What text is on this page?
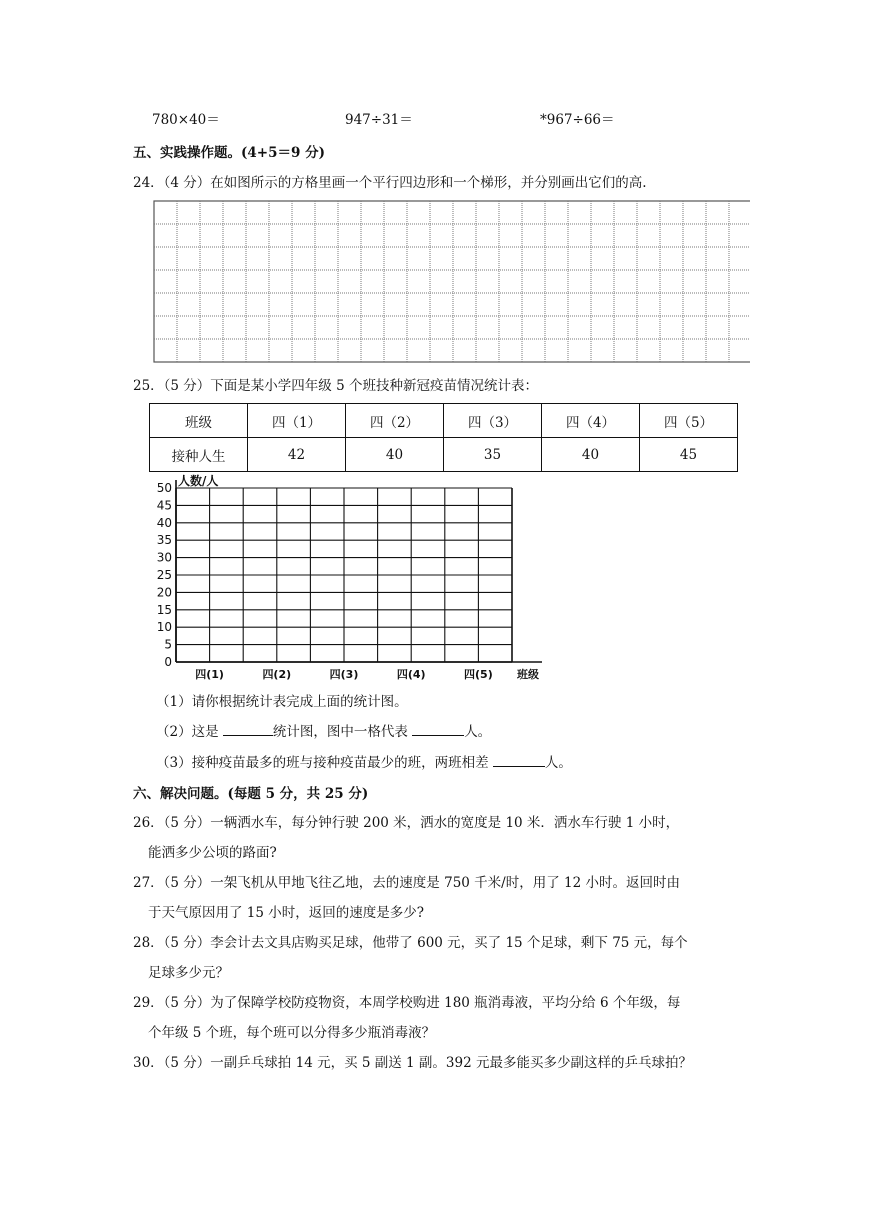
780×40＝	947÷31＝	*967÷66＝
五、实践操作题。(4+5＝9 分)
24．（4 分）在如图所示的方格里画一个平行四边形和一个梯形，并分别画出它们的高.
25．（5 分）下面是某小学四年级 5 个班技种新冠疫苗情况统计表：
班级	四（1）	四（2）	四（3）	四（4）	四（5）
接种人生	42	40	35	40	45
0
5
10
15
20
25
30
35
40
45
50 人数/人
四(1)	四(2)	四(3)	四(4)	四(5) 班级
（1）请你根据统计表完成上面的统计图。
（2）这是	统计图，图中一格代表	人。
（3）接种疫苗最多的班与接种疫苗最少的班，两班相差	人。
六、解决问题。(每题 5 分，共 25 分)
26．（5 分）一辆洒水车，每分钟行驶 200 米，洒水的宽度是 10 米．洒水车行驶 1 小时，
能洒多少公顷的路面?
27．（5 分）一架飞机从甲地飞往乙地，去的速度是 750 千米/时，用了 12 小时。返回时由
于天气原因用了 15 小时，返回的速度是多少?
28．（5 分）李会计去文具店购买足球，他带了 600 元，买了 15 个足球，剩下 75 元，每个
足球多少元？
29．（5 分）为了保障学校防疫物资，本周学校购进 180 瓶消毒液，平均分给 6 个年级，每
个年级 5 个班，每个班可以分得多少瓶消毒液？
30．（5 分）一副乒乓球拍 14 元，买 5 副送 1 副。392 元最多能买多少副这样的乒乓球拍？
